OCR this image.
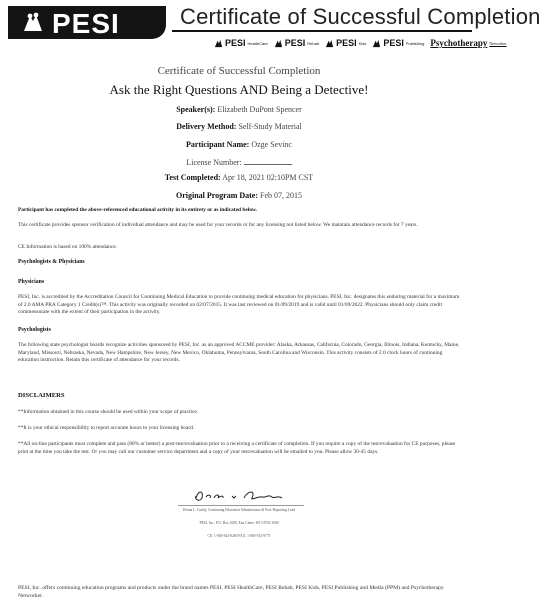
PESI	Certificate of Successful Completion
PESI HealthCare PESI Rehab PESI Kids PESI Publishing Psychotherapy Networker
Certificate of Successful Completion
Ask the Right Questions AND Being a Detective!
Speaker(s): Elizabeth DuPont Spencer
Delivery Method: Self-Study Material
Participant Name: Ozge Sevinc
License Number:
Test Completed: Apr 18, 2021 02:10PM CST
Original Program Date: Feb 07, 2015
Participant has completed the above-referenced educational activity in its entirety or as indicated below.
This certificate provides sponsor verification of individual attendance and may be used for your records or for any licensing not listed below. We maintain attendance records for 7 years.
CE Information is based on 100% attendance.
Psychologists & Physicians
Physicians
PESI, Inc. is accredited by the Accreditation Council for Continuing Medical Education to provide continuing medical education for physicians. PESI, Inc. designates this enduring material for a maximum of 2.0 AMA PRA Category 1 Credit(s)™. This activity was originally recorded on 02/07/2015. It was last reviewed on 01/09/2019 and is valid until 01/09/2022. Physicians should only claim credit commensurate with the extent of their participation in the activity.
Psychologists
The following state psychologist boards recognize activities sponsored by PESI, Inc. as an approved ACCME provider: Alaska, Arkansas, California, Colorado, Georgia, Illinois, Indiana, Kentucky, Maine, Maryland, Missouri, Nebraska, Nevada, New Hampshire, New Jersey, New Mexico, Oklahoma, Pennsylvania, South Carolina and Wisconsin. This activity consists of 2.0 clock hours of continuing education instruction. Retain this certificate of attendance for your records.
DISCLAIMERS
**Information obtained in this course should be used within your scope of practice.
**It is your ethical responsibility to report accurate hours to your licensing board.
**All on-line participants must complete and pass (80% or better) a post-test/evaluation prior to a receiving a certificate of completion. If you require a copy of the test/evaluation for CE purposes, please print at the time you take the test. Or you may call our customer service department and a copy of your test/evaluation will be emailed to you. Please allow 30-45 days.
Deana L. Cuddy, Continuing Education Administrator & Post-Reporting Lead
PESI, Inc., P.O. Box 1000, Eau Claire, WI 54702-1000
CE: 1-800-844-8260 FAX: 1-800-554-9775
PESI, Inc. offers continuing education programs and products under the brand names PESI, PESI HealthCare, PESI Rehab, PESI Kids, PESI Publishing and Media (PPM) and Psychotherapy Networker.
